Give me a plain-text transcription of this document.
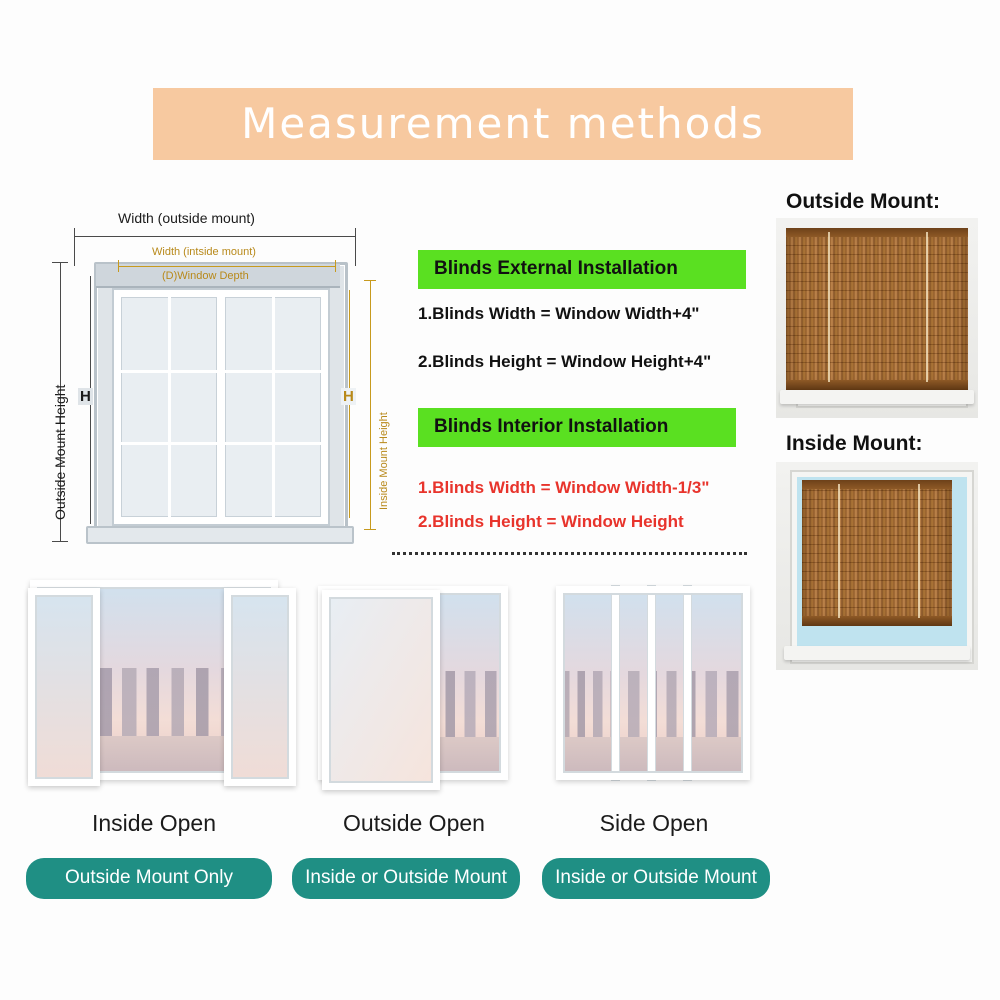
Measurement methods
Width (outside mount)
Width (intside mount)
(D)Window Depth
Outside Mount Height H	H
Inside Mount Height
Blinds External Installation
1.Blinds Width = Window Width+4"
2.Blinds Height = Window Height+4"
Blinds Interior Installation
1.Blinds Width = Window Width-1/3"
2.Blinds Height = Window Height
Outside Mount:
Inside Mount:
Inside Open
Outside Mount Only
Outside Open
Inside or Outside Mount
Side Open
Inside or Outside Mount
